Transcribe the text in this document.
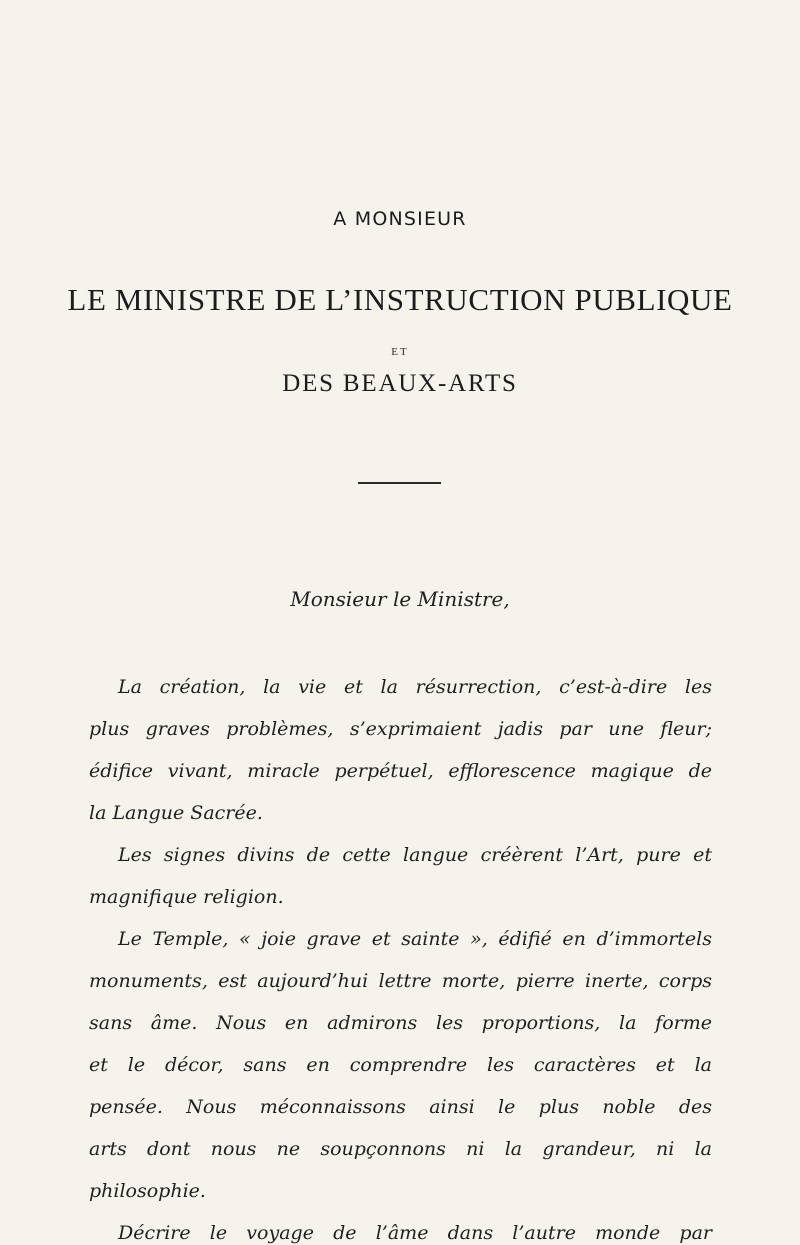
A MONSIEUR
LE MINISTRE DE L’INSTRUCTION PUBLIQUE
ET
DES BEAUX-ARTS
Monsieur le Ministre,
La création, la vie et la résurrection, c’est-à-dire les
plus graves problèmes, s’exprimaient jadis par une fleur;
édifice vivant, miracle perpétuel, efflorescence magique de
la Langue Sacrée.
Les signes divins de cette langue créèrent l’Art, pure et
magnifique religion.
Le Temple, « joie grave et sainte », édifié en d’immortels
monuments, est aujourd’hui lettre morte, pierre inerte, corps
sans âme. Nous en admirons les proportions, la forme
et le décor, sans en comprendre les caractères et la
pensée. Nous méconnaissons ainsi le plus noble des
arts dont nous ne soupçonnons ni la grandeur, ni la
philosophie.
Décrire le voyage de l’âme dans l’autre monde par
